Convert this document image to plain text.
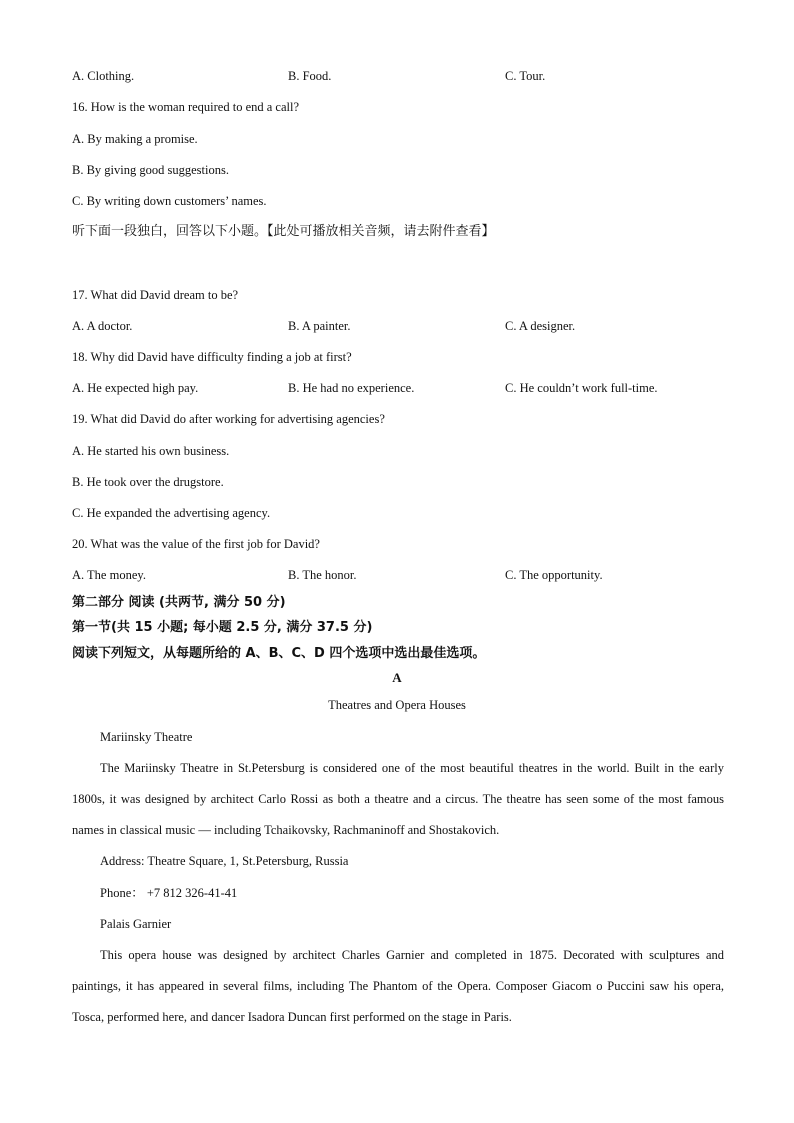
A. Clothing.	B. Food.	C. Tour.
16. How is the woman required to end a call?
A. By making a promise.
B. By giving good suggestions.
C. By writing down customers’ names.
听下面一段独白，回答以下小题。【此处可播放相关音频，请去附件查看】
17. What did David dream to be?
A. A doctor.	B. A painter.	C. A designer.
18. Why did David have difficulty finding a job at first?
A. He expected high pay.	B. He had no experience.	C. He couldn’t work full-time.
19. What did David do after working for advertising agencies?
A. He started his own business.
B. He took over the drugstore.
C. He expanded the advertising agency.
20. What was the value of the first job for David?
A. The money.	B. The honor.	C. The opportunity.
第二部分 阅读 (共两节, 满分 50 分)
第一节(共 15 小题; 每小题 2.5 分, 满分 37.5 分)
阅读下列短文，从每题所给的 A、B、C、D 四个选项中选出最佳选项。
A
Theatres and Opera Houses
Mariinsky Theatre
The Mariinsky Theatre in St.Petersburg is considered one of the most beautiful theatres in the world. Built in the early 1800s, it was designed by architect Carlo Rossi as both a theatre and a circus. The theatre has seen some of the most famous names in classical music — including Tchaikovsky, Rachmaninoff and Shostakovich.
Address: Theatre Square, 1, St.Petersburg, Russia
Phone： +7 812 326-41-41
Palais Garnier
This opera house was designed by architect Charles Garnier and completed in 1875. Decorated with sculptures and paintings, it has appeared in several films, including The Phantom of the Opera. Composer Giacom o Puccini saw his opera, Tosca, performed here, and dancer Isadora Duncan first performed on the stage in Paris.
